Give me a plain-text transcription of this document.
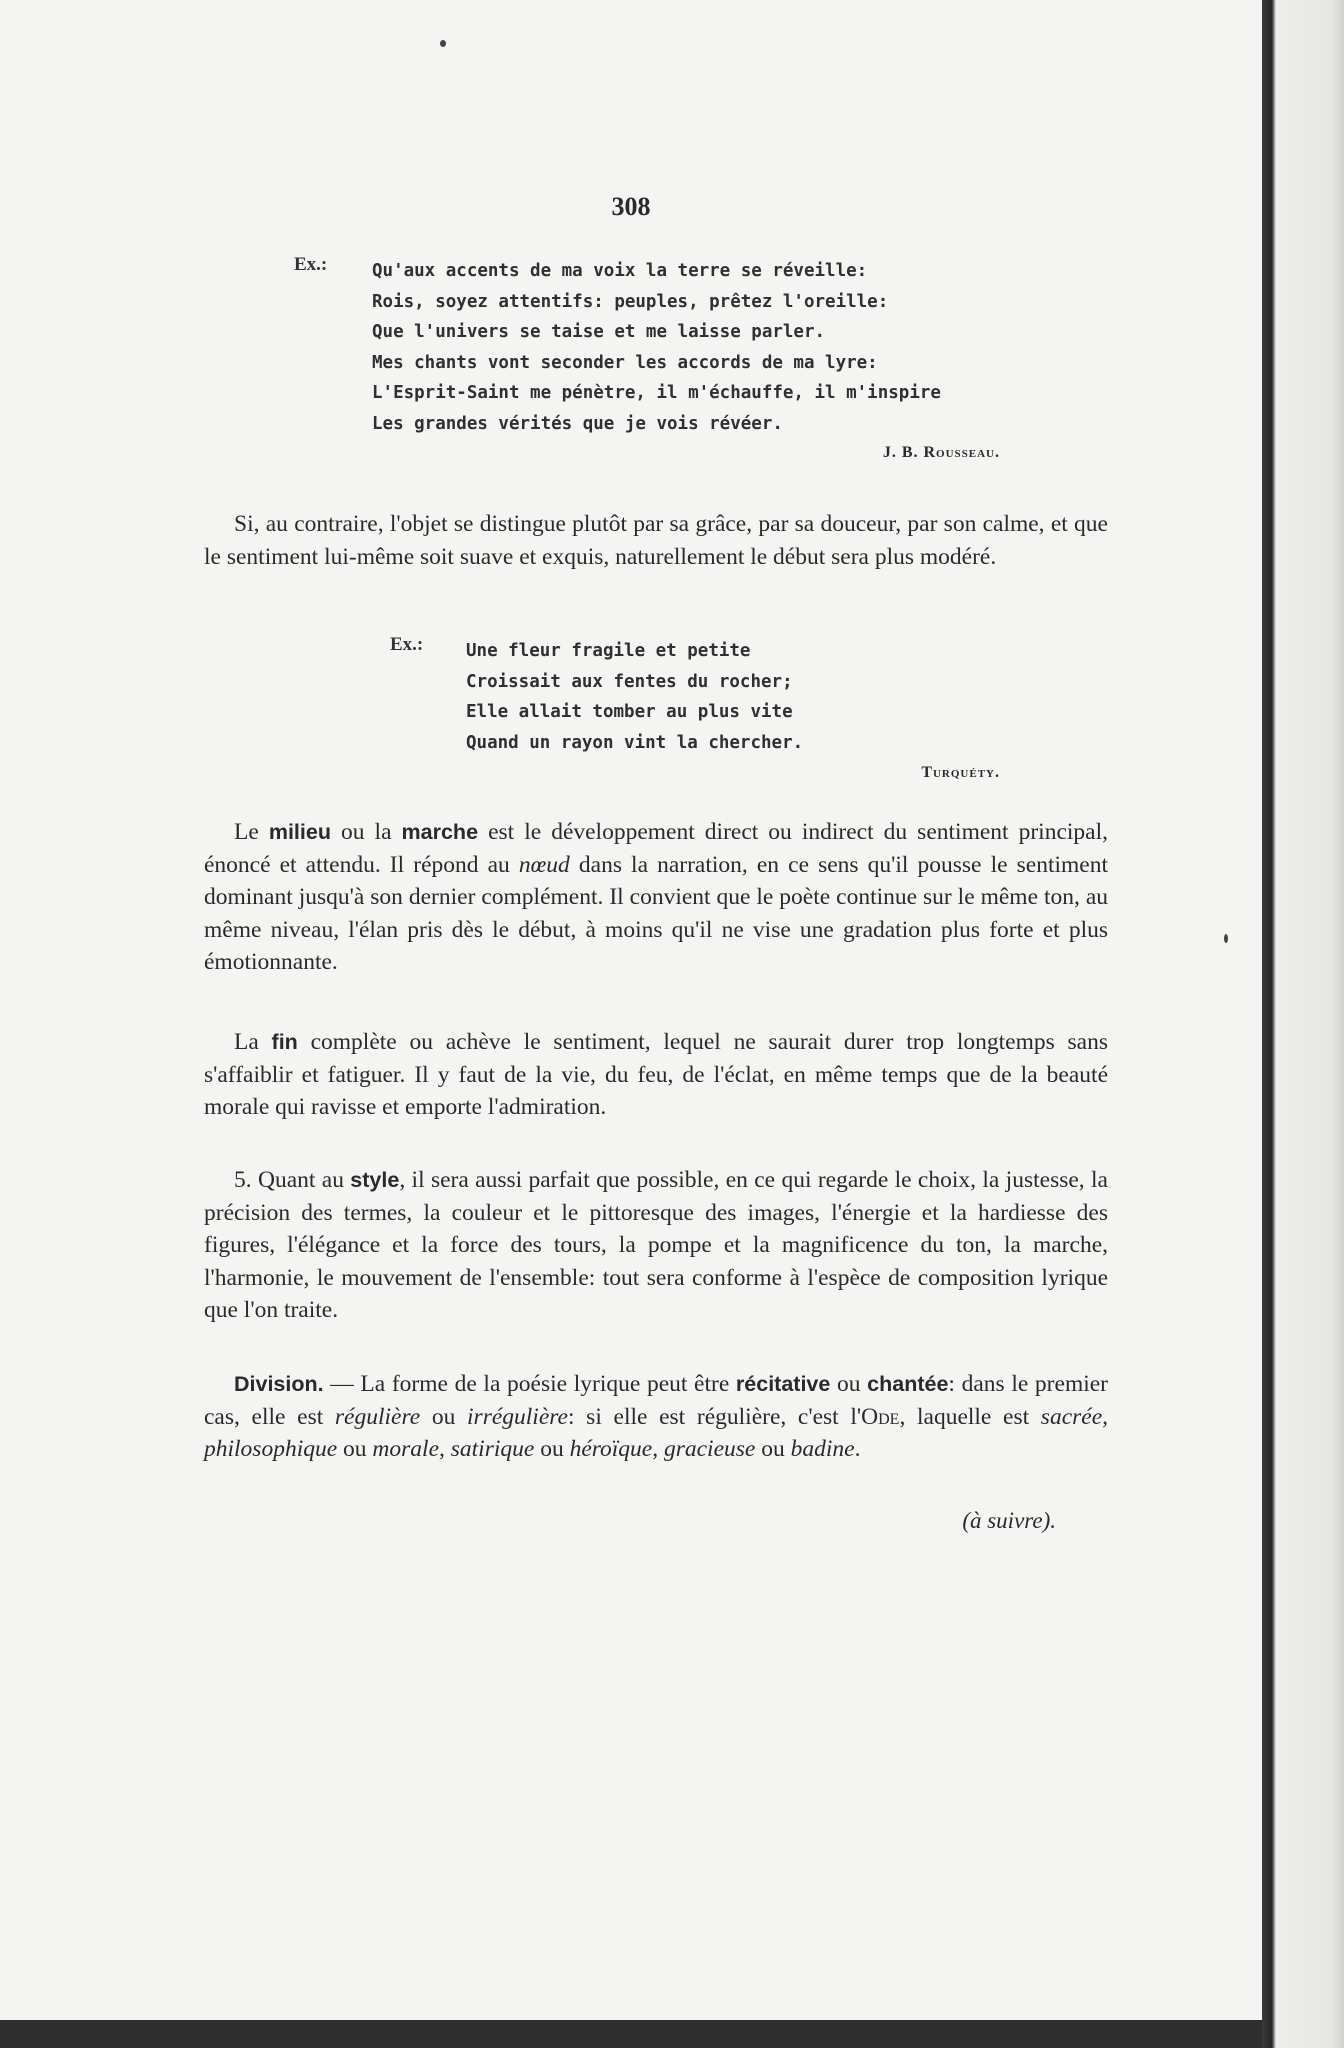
308
Ex.:	Qu'aux accents de ma voix la terre se réveille:
Rois, soyez attentifs: peuples, prêtez l'oreille:
Que l'univers se taise et me laisse parler.
Mes chants vont seconder les accords de ma lyre:
L'Esprit-Saint me pénètre, il m'échauffe, il m'inspire
Les grandes vérités que je vois révéer.
J. B. Rousseau.
Si, au contraire, l'objet se distingue plutôt par sa grâce, par sa douceur, par son calme, et que le sentiment lui-même soit suave et exquis, naturellement le début sera plus modéré.
Ex.: Une fleur fragile et petite
Croissait aux fentes du rocher;
Elle allait tomber au plus vite
Quand un rayon vint la chercher.
Turquéty.
Le milieu ou la marche est le développement direct ou indirect du sentiment principal, énoncé et attendu. Il répond au nœud dans la narration, en ce sens qu'il pousse le sentiment dominant jusqu'à son dernier complément. Il convient que le poète continue sur le même ton, au même niveau, l'élan pris dès le début, à moins qu'il ne vise une gradation plus forte et plus émotionnante.
La fin complète ou achève le sentiment, lequel ne saurait durer trop longtemps sans s'affaiblir et fatiguer. Il y faut de la vie, du feu, de l'éclat, en même temps que de la beauté morale qui ravisse et emporte l'admiration.
5. Quant au style, il sera aussi parfait que possible, en ce qui regarde le choix, la justesse, la précision des termes, la couleur et le pittoresque des images, l'énergie et la hardiesse des figures, l'élégance et la force des tours, la pompe et la magnificence du ton, la marche, l'harmonie, le mouvement de l'ensemble: tout sera conforme à l'espèce de composition lyrique que l'on traite.
Division. — La forme de la poésie lyrique peut être récitative ou chantée: dans le premier cas, elle est régulière ou irrégulière: si elle est régulière, c'est l'Ode, laquelle est sacrée, philosophique ou morale, satirique ou héroïque, gracieuse ou badine.
(à suivre).
